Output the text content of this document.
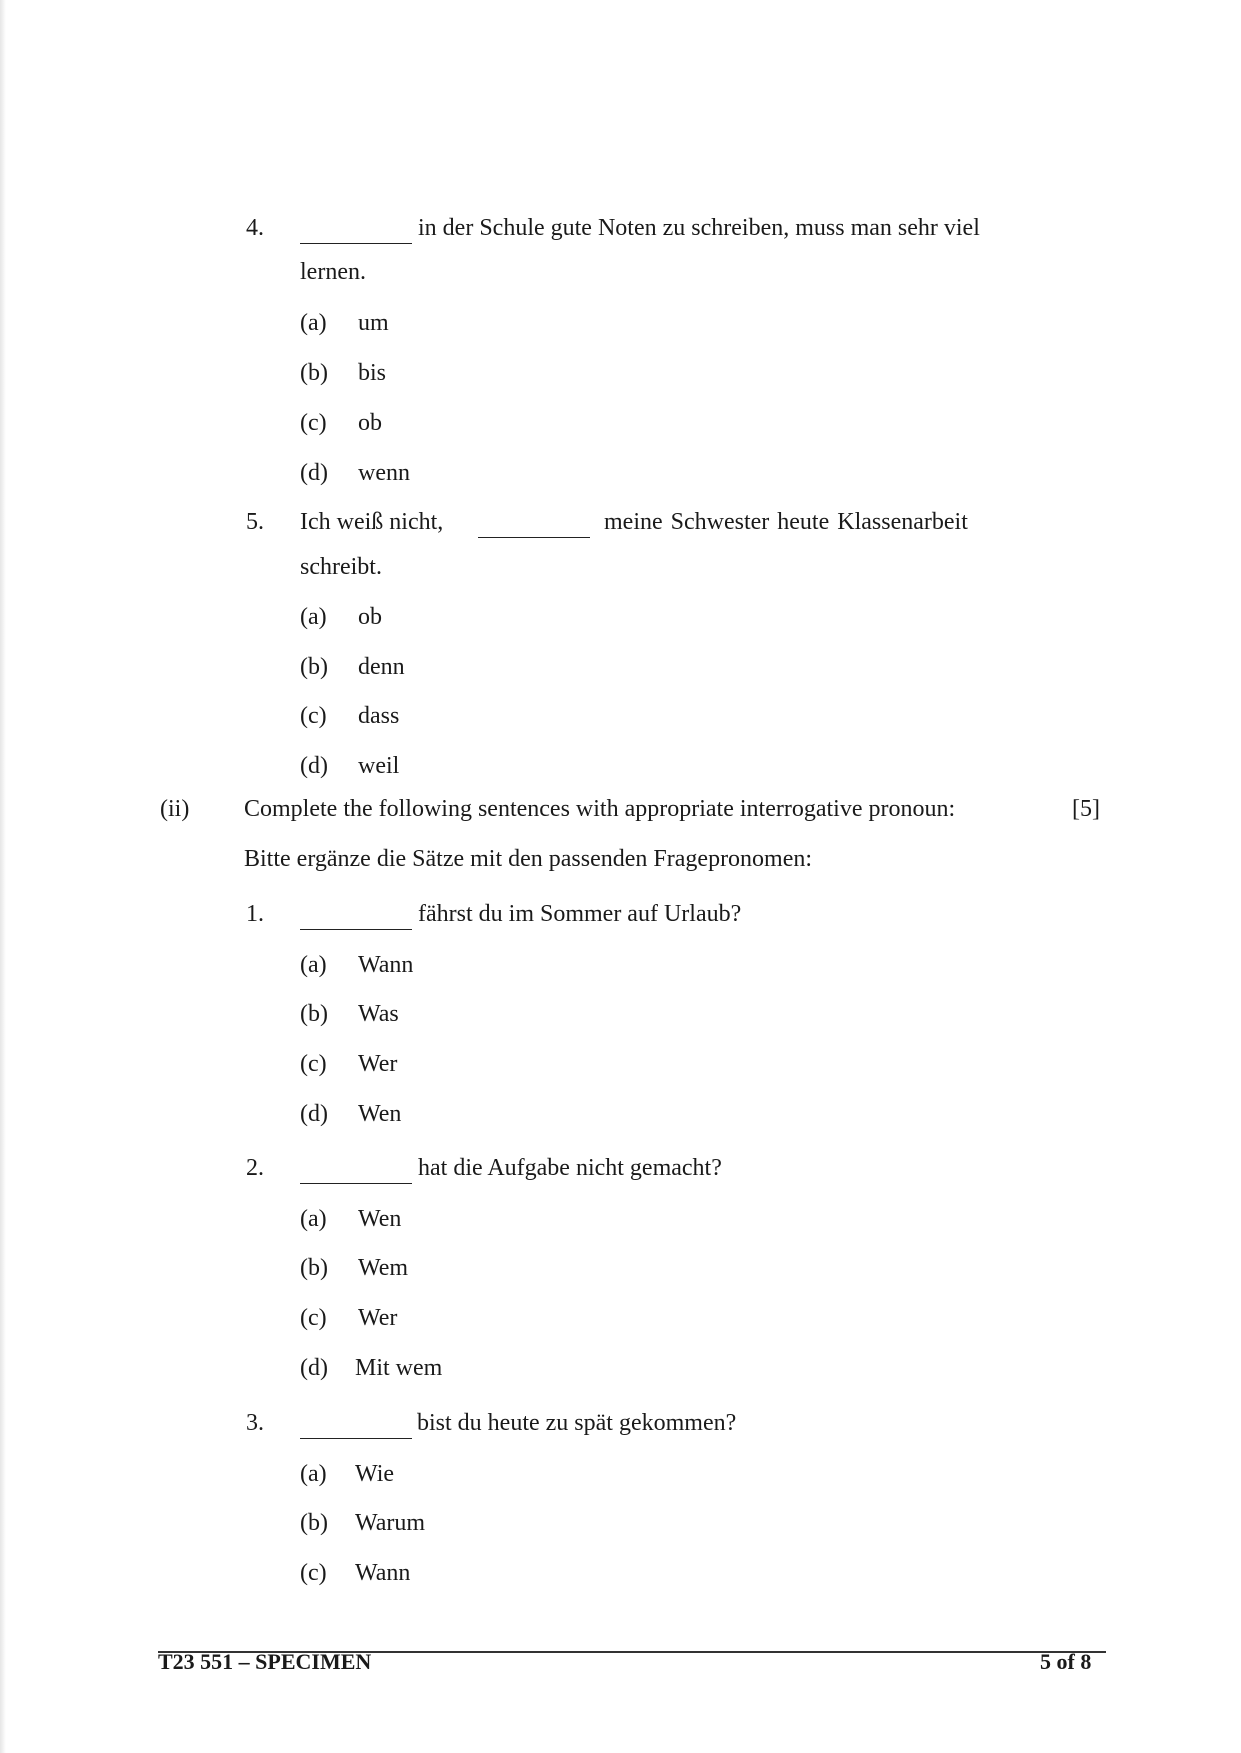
4.	in der Schule gute Noten zu schreiben, muss man sehr viel
lernen.
(a) um
(b) bis
(c) ob
(d) wenn
5. Ich weiß nicht,	meine Schwester heute Klassenarbeit
schreibt.
(a) ob
(b) denn
(c) dass
(d) weil
(ii) Complete the following sentences with appropriate interrogative pronoun:	[5]
Bitte ergänze die Sätze mit den passenden Fragepronomen:
1.	fährst du im Sommer auf Urlaub?
(a) Wann
(b) Was
(c) Wer
(d) Wen
2.	hat die Aufgabe nicht gemacht?
(a) Wen
(b) Wem
(c) Wer
(d) Mit wem
3.	bist du heute zu spät gekommen?
(a) Wie
(b) Warum
(c) Wann
T23 551 – SPECIMEN	5 of 8
